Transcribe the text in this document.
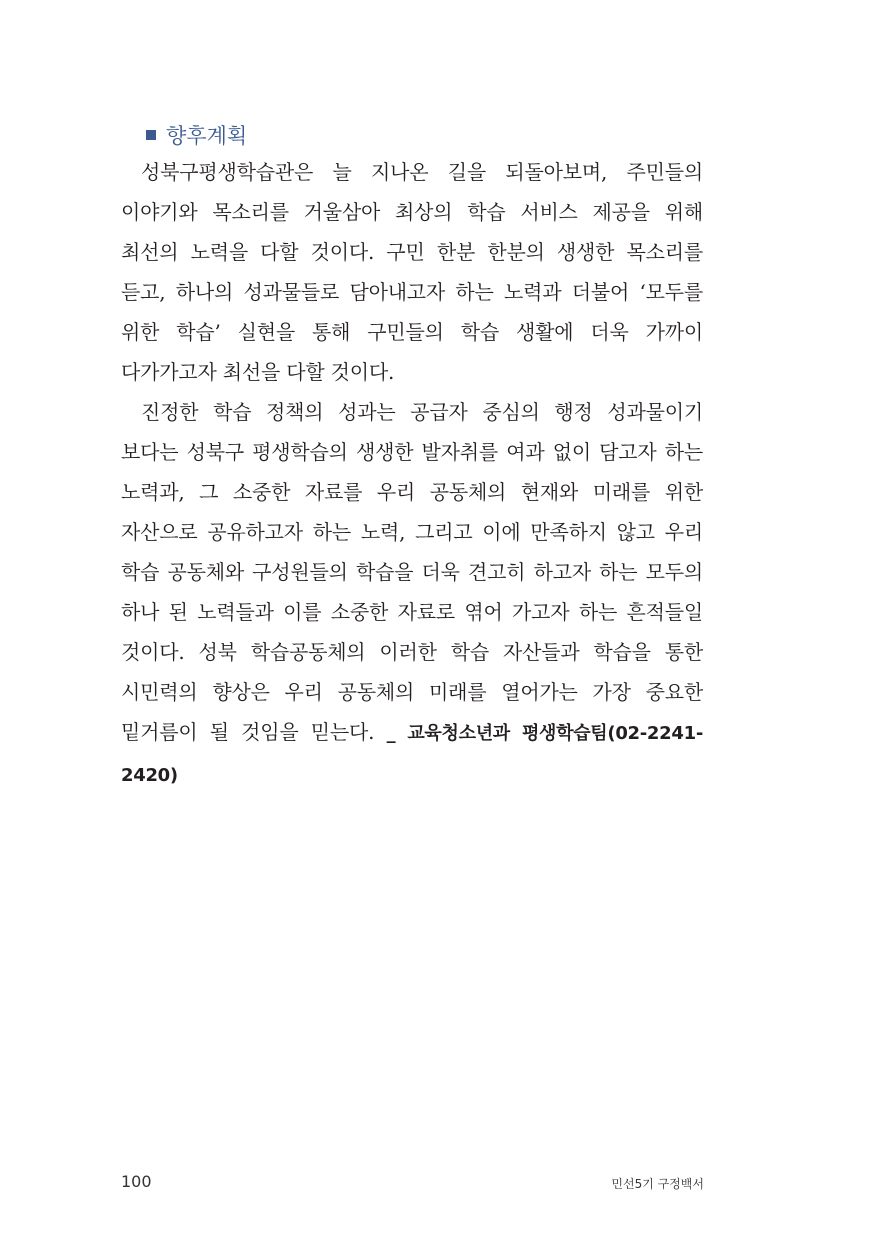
향후계획

성북구평생학습관은 늘 지나온 길을 되돌아보며, 주민들의 이야기와 목소리를 거울삼아 최상의 학습 서비스 제공을 위해 최선의 노력을 다할 것이다. 구민 한분 한분의 생생한 목소리를 듣고, 하나의 성과물들로 담아내고자 하는 노력과 더불어 ‘모두를 위한 학습’ 실현을 통해 구민들의 학습 생활에 더욱 가까이 다가가고자 최선을 다할 것이다.

진정한 학습 정책의 성과는 공급자 중심의 행정 성과물이기 보다는 성북구 평생학습의 생생한 발자취를 여과 없이 담고자 하는 노력과, 그 소중한 자료를 우리 공동체의 현재와 미래를 위한 자산으로 공유하고자 하는 노력, 그리고 이에 만족하지 않고 우리 학습 공동체와 구성원들의 학습을 더욱 견고히 하고자 하는 모두의 하나 된 노력들과 이를 소중한 자료로 엮어 가고자 하는 흔적들일 것이다. 성북 학습공동체의 이러한 학습 자산들과 학습을 통한 시민력의 향상은 우리 공동체의 미래를 열어가는 가장 중요한 밑거름이 될 것임을 믿는다. _ 교육청소년과 평생학습팀(02-2241-2420)

100	민선5기 구정백서
